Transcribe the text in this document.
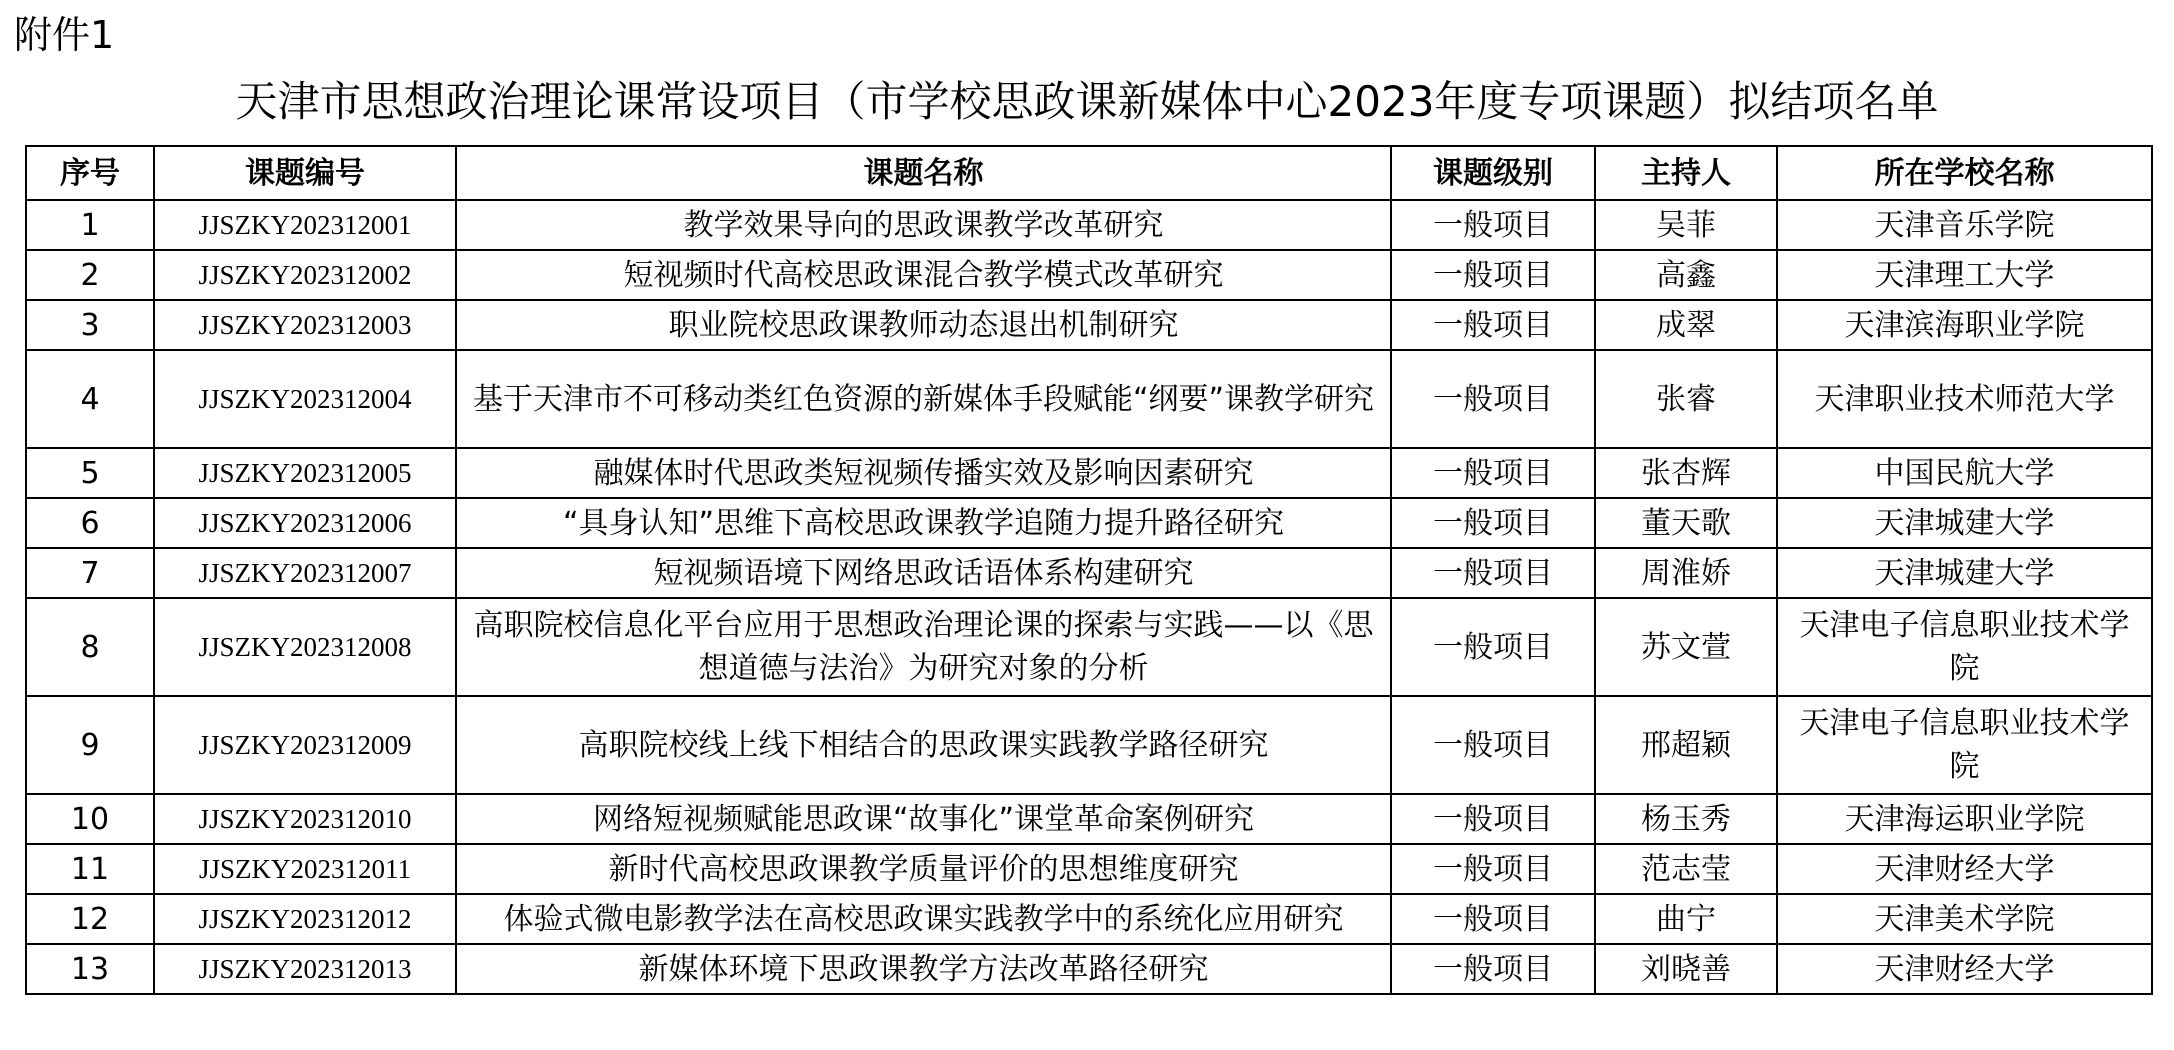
附件1
天津市思想政治理论课常设项目（市学校思政课新媒体中心2023年度专项课题）拟结项名单
序号	课题编号	课题名称	课题级别	主持人	所在学校名称
1	JJSZKY202312001	教学效果导向的思政课教学改革研究	一般项目	吴菲	天津音乐学院
2	JJSZKY202312002	短视频时代高校思政课混合教学模式改革研究	一般项目	高鑫	天津理工大学
3	JJSZKY202312003	职业院校思政课教师动态退出机制研究	一般项目	成翠	天津滨海职业学院
4	JJSZKY202312004	基于天津市不可移动类红色资源的新媒体手段赋能“纲要”课教学研究	一般项目	张睿	天津职业技术师范大学
5	JJSZKY202312005	融媒体时代思政类短视频传播实效及影响因素研究	一般项目	张杏辉	中国民航大学
6	JJSZKY202312006	“具身认知”思维下高校思政课教学追随力提升路径研究	一般项目	董天歌	天津城建大学
7	JJSZKY202312007	短视频语境下网络思政话语体系构建研究	一般项目	周淮娇	天津城建大学
8	JJSZKY202312008	高职院校信息化平台应用于思想政治理论课的探索与实践——以《思想道德与法治》为研究对象的分析	一般项目	苏文萱	天津电子信息职业技术学院
9	JJSZKY202312009	高职院校线上线下相结合的思政课实践教学路径研究	一般项目	邢超颖	天津电子信息职业技术学院
10	JJSZKY202312010	网络短视频赋能思政课“故事化”课堂革命案例研究	一般项目	杨玉秀	天津海运职业学院
11	JJSZKY202312011	新时代高校思政课教学质量评价的思想维度研究	一般项目	范志莹	天津财经大学
12	JJSZKY202312012	体验式微电影教学法在高校思政课实践教学中的系统化应用研究	一般项目	曲宁	天津美术学院
13	JJSZKY202312013	新媒体环境下思政课教学方法改革路径研究	一般项目	刘晓善	天津财经大学
